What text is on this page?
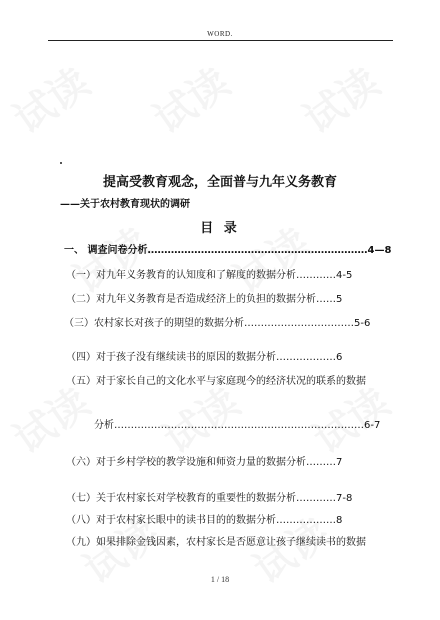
WORD.
提高受教育观念，全面普与九年义务教育
——关于农村教育现状的调研
目 录
一、 调查问卷分析…………………………………………………………4—8
（一）对九年义务教育的认知度和了解度的数据分析…………4-5
（二）对九年义务教育是否造成经济上的负担的数据分析……5
（三）农村家长对孩子的期望的数据分析……………………………5-6
（四）对于孩子没有继续读书的原因的数据分析………………6
（五）对于家长自己的文化水平与家庭现今的经济状况的联系的数据
分析…………………………………………………………………6-7
（六）对于乡村学校的教学设施和师资力量的数据分析………7
（七）关于农村家长对学校教育的重要性的数据分析…………7-8
（八）对于农村家长眼中的读书目的的数据分析………………8
（九）如果排除金钱因素，农村家长是否愿意让孩子继续读书的数据
1 / 18
